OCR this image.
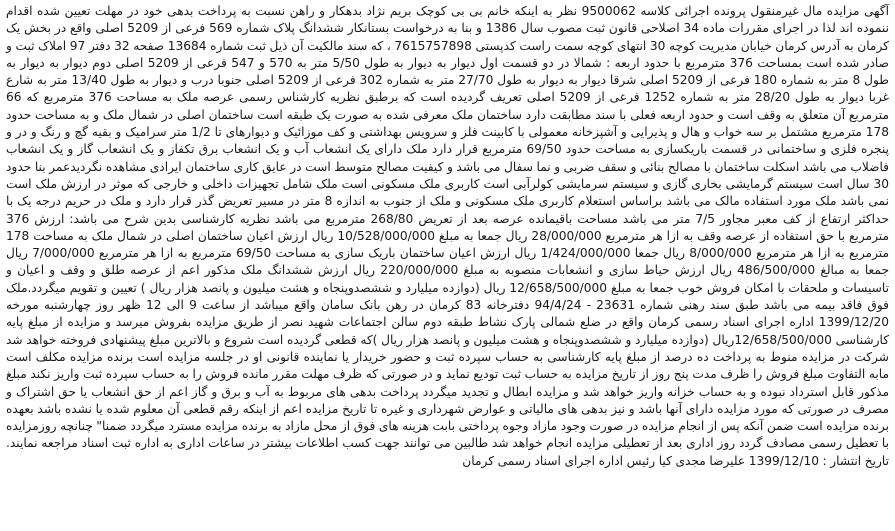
آگهی مزایده مال غیرمنقول پرونده اجرائی کلاسه 9500062 نظر به اینکه خانم بی بی کوچک بریم نژاد بدهکار و راهن نسبت به پرداخت بدهی خود در مهلت تعیین شده اقدام ننموده اند لذا در اجرای مقررات ماده 34 اصلاحی قانون ثبت مصوب سال 1386 و بنا به درخواست بستانکار ششدانگ پلاک شماره 569 فرعی از 5209 اصلی واقع در بخش یک کرمان به آدرس کرمان خیابان مدیریت کوچه 30 انتهای کوچه سمت راست کدپستی 7615757898 ، که سند مالکیت آن ذیل ثبت شماره 13684 صفحه 32 دفتر 97 املاک ثبت و صادر شده است بمساحت 376 مترمربع با حدود اربعه : شمالا در دو قسمت اول دیوار به دیوار به طول 5/50 متر به 570 و 547 فرعی از 5209 اصلی دوم دیوار به دیوار به طول 8 متر به شماره 180 فرعی از 5209 اصلی شرقا دیوار به دیوار به طول 27/70 متر به شماره 302 فرعی از 5209 اصلی جنوبا درب و دیوار به طول 13/40 متر به شارع غربا دیوار به طول 28/20 متر به شماره 1252 فرعی از 5209 اصلی تعریف گردیده است که برطبق نظریه کارشناس رسمی عرصه ملک به مساحت 376 مترمربع که 66 مترمربع آن متعلق به وقف است و حدود اربعه فعلی با سند مطابقت دارد ساختمان ملک معرفی شده به صورت یک طبقه است ساختمان اصلی در شمال ملک و به مساحت حدود 178 مترمربع مشتمل بر سه خواب و هال و پذیرایی و آشپزخانه معمولی با کابینت فلز و سرویس بهداشتی و کف موزائیک و دیوارهای تا 1/2 متر سرامیک و بقیه گچ و رنگ و در و پنجره فلزی و ساختمانی در قسمت باریکسازی به مساحت حدود 69/50 مترمربع قرار دارد ملک دارای یک انشعاب آب و یک انشعاب برق تکفاز و یک انشعاب گاز و یک انشعاب فاضلاب می باشد اسکلت ساختمان با مصالح بنائی و سقف ضربی و نما سفال می باشد و کیفیت مصالح متوسط است در عایق کاری ساختمان ایرادی مشاهده نگردیدعمر بنا حدود 30 سال است سیستم گرمایشی بخاری گازی و سیستم سرمایشی کولرآبی است کاربری ملک مسکونی است ملک شامل تجهیزات داخلی و خارجی که موثر در ارزش ملک است نمی باشد ملک مورد استفاده مالک می باشد براساس استعلام کاربری ملک مسکونی و ملک از جنوب به اندازه 8 متر در مسیر تعریض گذر قرار دارد و ملک در حریم درجه یک با حداکثر ارتفاع از کف معبر مجاور 7/5 متر می باشد مساحت باقیمانده عرصه بعد از تعریض 268/80 مترمربع می باشد نظریه کارشناسی بدین شرح می باشد: ارزش 376 مترمربع با حق استفاده از عرصه وقف به ازا هر مترمربع 28/000/000 ریال جمعا به مبلغ 10/528/000/000 ریال ارزش اعیان ساختمان اصلی در شمال ملک به مساحت 178 مترمربع به ازا هر مترمربع 8/000/000 ریال جمعا 1/424/000/000 ریال ارزش اعیان ساختمان باریک سازی به مساحت 69/50 مترمربع به ازا هر مترمربع 7/000/000 ریال جمعا به مبالغ 486/500/000 ریال ارزش حیاط سازی و انشعابات منصوبه به مبلغ 220/000/000 ریال ارزش ششدانگ ملک مذکور اعم از عرصه طلق و وقف و اعیان و تاسیسات و ملحقات با امکان فروش خوب جمعا به مبلغ 12/658/500/000 ریال (دوازده میلیارد و ششصدوپنجاه و هشت میلیون و پانصد هزار ریال ) تعیین و تقویم میگردد.ملک فوق فاقد بیمه می باشد طبق سند رهنی شماره 23631 - 94/4/24 دفترخانه 83 کرمان در رهن بانک سامان واقع میباشد از ساعت 9 الی 12 ظهر روز چهارشنبه مورخه 1399/12/20 اداره اجرای اسناد رسمی کرمان واقع در ضلع شمالی پارک نشاط طبقه دوم سالن اجتماعات شهید نصر از طریق مزایده بفروش میرسد و مزایده از مبلغ پایه کارشناسی 12/658/500/000ریال (دوازده میلیارد و ششصدوپنجاه و هشت میلیون و پانصد هزار ریال )که قطعی گردیده است شروع و بالاترین مبلغ پیشنهادی فروخته خواهد شد شرکت در مزایده منوط به پرداخت ده درصد از مبلغ پایه کارشناسی به حساب سپرده ثبت و حضور خریدار یا نماینده قانونی او در جلسه مزایده است برنده مزایده مکلف است مابه التفاوت مبلغ فروش را ظرف مدت پنج روز از تاریخ مزایده به حساب ثبت تودیع نماید و در صورتی که ظرف مهلت مقرر مانده فروش را به حساب سپرده ثبت واریز نکند مبلغ مذکور قابل استرداد نبوده و به حساب خزانه واریز خواهد شد و مزایده ابطال و تجدید میگردد پرداخت بدهی های مربوط به آب و برق و گاز اعم از حق انشعاب یا حق اشتراک و مصرف در صورتی که مورد مزایده دارای آنها باشد و نیز بدهی های مالیاتی و عوارض شهرداری و غیره تا تاریخ مزایده اعم از اینکه رقم قطعی آن معلوم شده یا نشده باشد بعهده برنده مزایده است ضمن آنکه پس از انجام مزایده در صورت وجود مازاد وجوه پرداختی بابت هزینه های فوق از محل مازاد به برنده مزایده مسترد میگردد ضمنا" چنانچه روزمزایده با تعطیل رسمی مصادف گردد روز اداری بعد از تعطیلی مزایده انجام خواهد شد طالبین می توانند جهت کسب اطلاعات بیشتر در ساعات اداری به اداره ثبت اسناد مراجعه نمایند. تاریخ انتشار : 1399/12/10 علیرضا مجدی کیا رئیس اداره اجرای اسناد رسمی کرمان
